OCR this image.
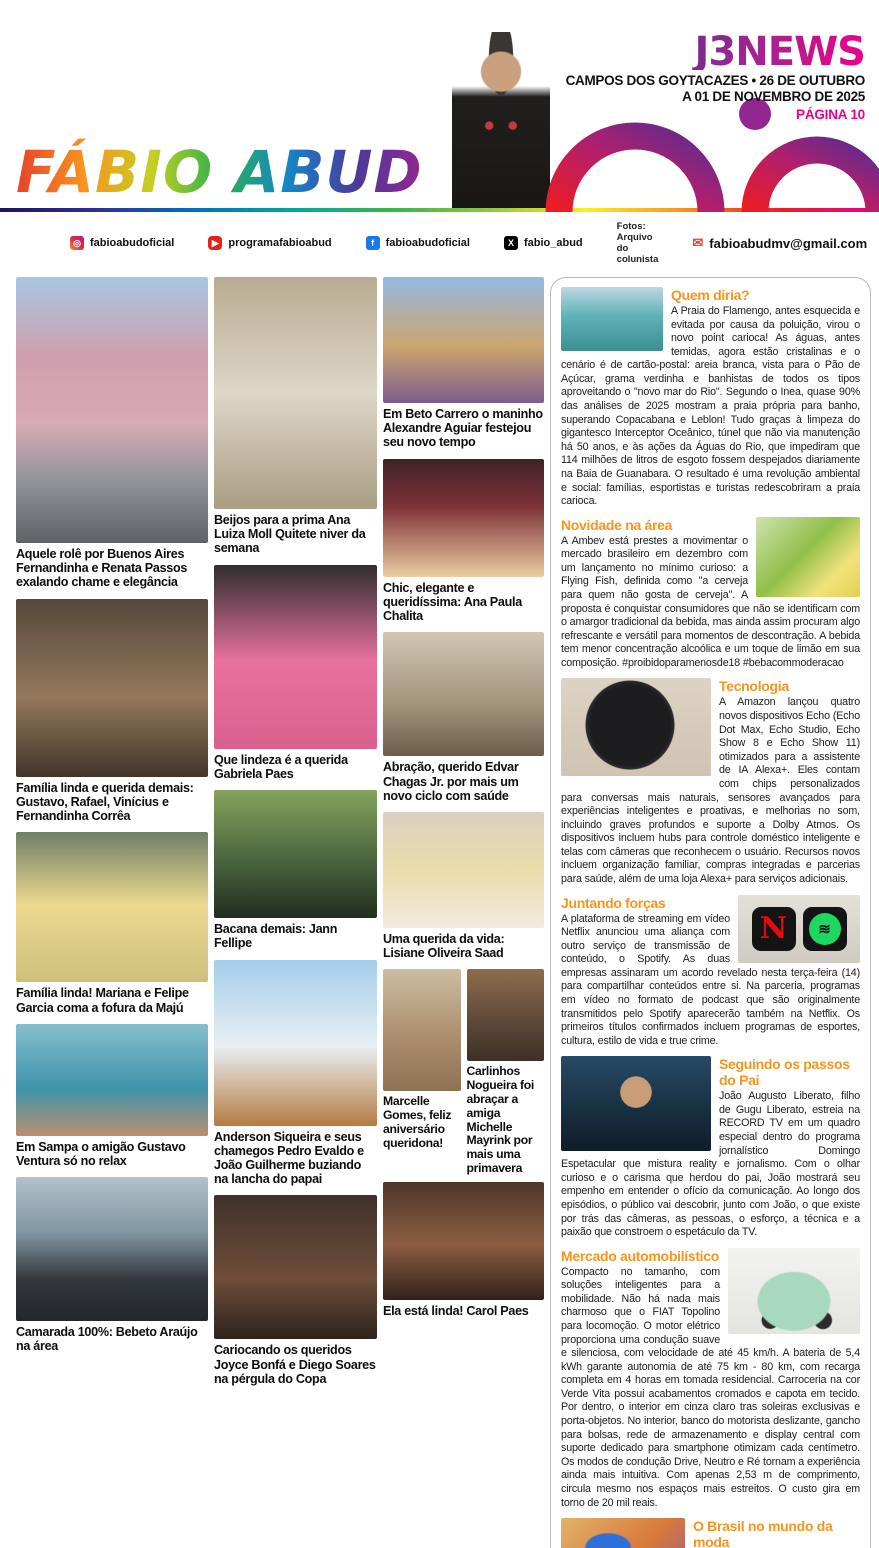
FÁBIO ABUD
J3NEWS
CAMPOS DOS GOYTACAZES • 26 DE OUTUBRO
A 01 DE NOVEMBRO DE 2025
PÁGINA 10
◎ fabioabudoficial	▶ programafabioabud	f	fabioabudoficial	X fabio_abud
Fotos: Arquivo do colunista
✉ fabioabudmv@gmail.com
Aquele rolê por Buenos Aires Fernandinha e Renata Passos exalando chame e elegância
Família linda e querida demais: Gustavo, Rafael, Vinícius e Fernandinha Corrêa
Família linda! Mariana e Felipe Garcia coma a fofura da Majú
Em Sampa o amigão Gustavo Ventura só no relax
Camarada 100%: Bebeto Araújo na área
Beijos para a prima Ana Luiza Moll Quitete niver da semana
Que lindeza é a querida Gabriela Paes
Bacana demais: Jann Fellipe
Anderson Siqueira e seus chamegos Pedro Evaldo e João Guilherme buziando na lancha do papai
Cariocando os queridos Joyce Bonfá e Diego Soares na pérgula do Copa
Em Beto Carrero o maninho Alexandre Aguiar festejou seu novo tempo
Chic, elegante e queridíssima: Ana Paula Chalita
Abração, querido Edvar Chagas Jr. por mais um novo ciclo com saúde
Uma querida da vida: Lisiane Oliveira Saad
Marcelle Gomes, feliz aniversário queridona!
Carlinhos Nogueira foi abraçar a amiga Michelle Mayrink por mais uma primavera
Ela está linda! Carol Paes
Quem diria?

A Praia do Flamengo, antes esquecida e evitada por causa da poluição, virou o novo point carioca! As águas, antes temidas, agora estão cristalinas e o cenário é de cartão-postal: areia branca, vista para o Pão de Açúcar, grama verdinha e banhistas de todos os tipos aproveitando o "novo mar do Rio". Segundo o Inea, quase 90% das análises de 2025 mostram a praia própria para banho, superando Copacabana e Leblon! Tudo graças à limpeza do gigantesco Interceptor Oceânico, túnel que não via manutenção há 50 anos, e às ações da Águas do Rio, que impediram que 114 milhões de litros de esgoto fossem despejados diariamente na Baia de Guanabara. O resultado é uma revolução ambiental e social: famílias, esportistas e turistas redescobriram a praia carioca.

Novidade na área

A Ambev está prestes a movimentar o mercado brasileiro em dezembro com um lançamento no mínimo curioso: a Flying Fish, definida como "a cerveja para quem não gosta de cerveja". A proposta é conquistar consumidores que não se identificam com o amargor tradicional da bebida, mas ainda assim procuram algo refrescante e versátil para momentos de descontração. A bebida tem menor concentração alcoólica e um toque de limão em sua composição. #proibidoparamenosde18 #bebacommoderacao

Tecnologia

A Amazon lançou quatro novos dispositivos Echo (Echo Dot Max, Echo Studio, Echo Show 8 e Echo Show 11) otimizados para a assistente de IA Alexa+. Eles contam com chips personalizados para conversas mais naturais, sensores avançados para experiências inteligentes e proativas, e melhorias no som, incluindo graves profundos e suporte a Dolby Atmos. Os dispositivos incluem hubs para controle doméstico inteligente e telas com câmeras que reconhecem o usuário. Recursos novos incluem organização familiar, compras integradas e parcerias para saúde, além de uma loja Alexa+ para serviços adicionais.

N	≋
Juntando forças

A plataforma de streaming em vídeo Netflix anunciou uma aliança com outro serviço de transmissão de conteúdo, o Spotify. As duas empresas assinaram um acordo revelado nesta terça-feira (14) para compartilhar conteúdos entre si. Na parceria, programas em vídeo no formato de podcast que são originalmente transmitidos pelo Spotify aparecerão também na Netflix. Os primeiros títulos confirmados incluem programas de esportes, cultura, estilo de vida e true crime.

Seguindo os passos do Pai

João Augusto Liberato, filho de Gugu Liberato, estreia na RECORD TV em um quadro especial dentro do programa jornalístico Domingo Espetacular que mistura reality e jornalismo. Com o olhar curioso e o carisma que herdou do pai, João mostrará seu empenho em entender o ofício da comunicação. Ao longo dos episódios, o público vai descobrir, junto com João, o que existe por trás das câmeras, as pessoas, o esforço, a técnica e a paixão que constroem o espetáculo da TV.

Mercado automobilístico

Compacto no tamanho, com soluções inteligentes para a mobilidade. Não há nada mais charmoso que o FIAT Topolino para locomoção. O motor elétrico proporciona uma condução suave e silenciosa, com velocidade de até 45 km/h. A bateria de 5,4 kWh garante autonomia de até 75 km - 80 km, com recarga completa em 4 horas em tomada residencial. Carroceria na cor Verde Vita possui acabamentos cromados e capota em tecido. Por dentro, o interior em cinza claro tras soleiras exclusivas e porta-objetos. No interior, banco do motorista deslizante, gancho para bolsas, rede de armazenamento e display central com suporte dedicado para smartphone otimizam cada centímetro. Os modos de condução Drive, Neutro e Ré tornam a experiência ainda mais intuitiva. Com apenas 2,53 m de comprimento, circula mesmo nos espaços mais estreitos. O custo gira em torno de 20 mil reais.

O Brasil no mundo da moda
